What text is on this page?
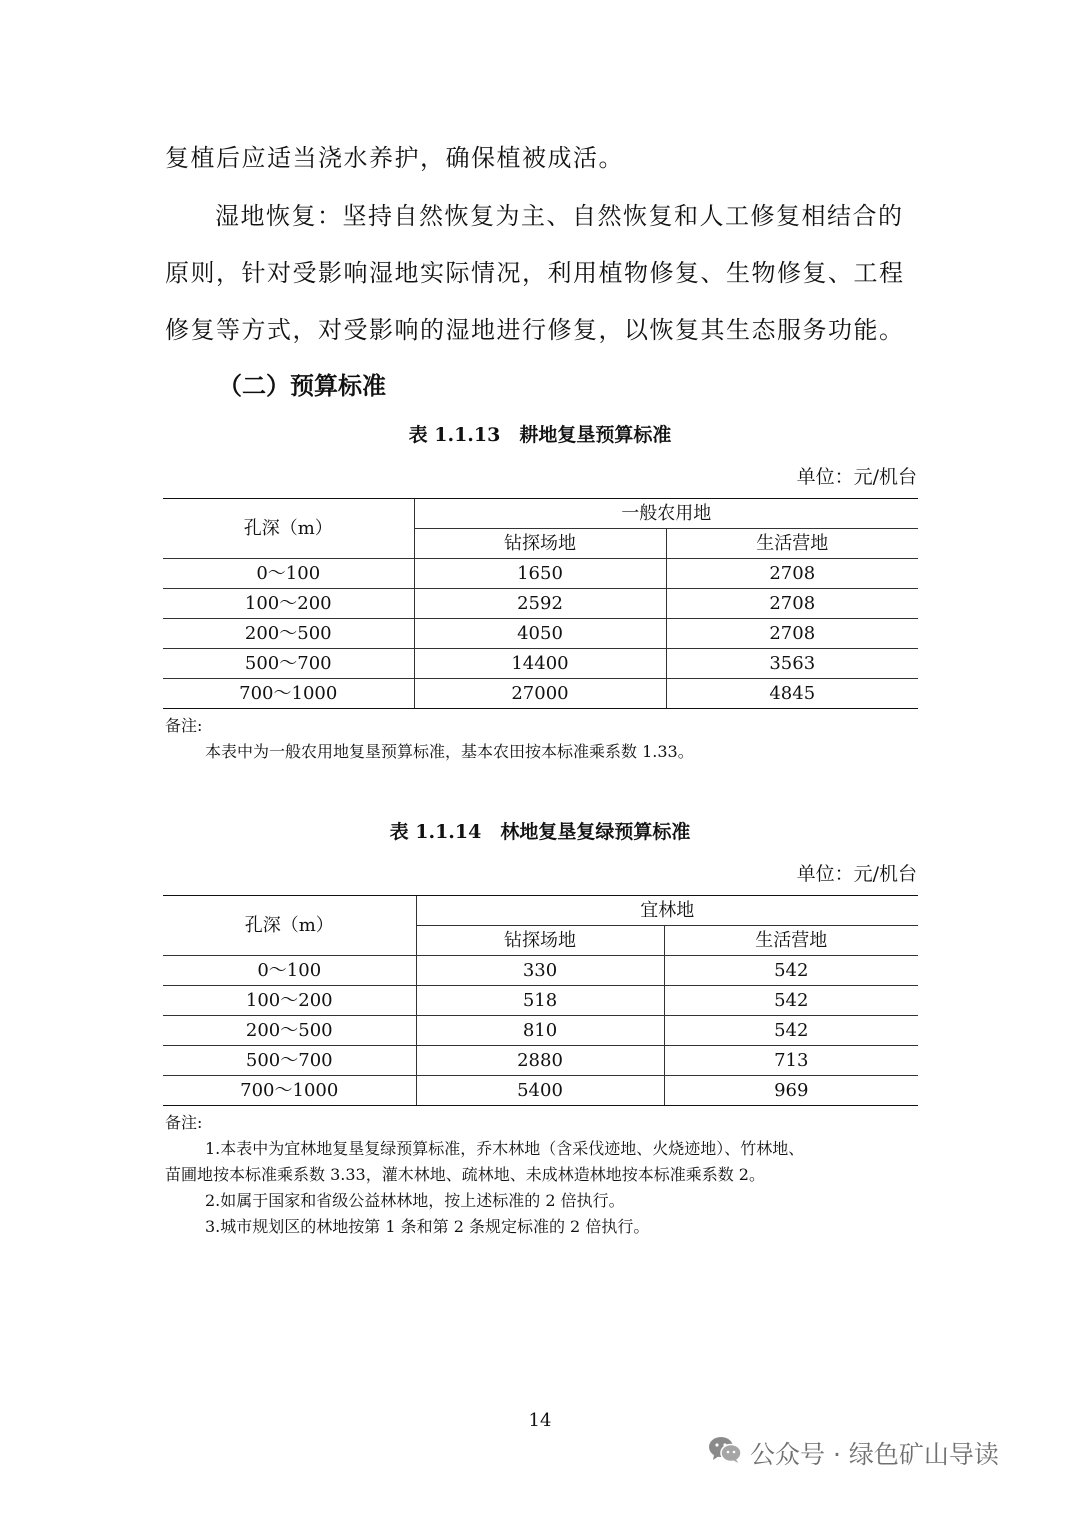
复植后应适当浇水养护，确保植被成活。

湿地恢复：坚持自然恢复为主、自然恢复和人工修复相结合的原则，针对受影响湿地实际情况，利用植物修复、生物修复、工程修复等方式，对受影响的湿地进行修复，以恢复其生态服务功能。

（二）预算标准
表 1.1.13　耕地复垦预算标准
单位：元/机台
孔深（m）	一般农用地	
	钻探场地	生活营地
0～100	1650	2708
100～200	2592	2708
200～500	4050	2708
500～700	14400	3563
700～1000	27000	4845
备注:
本表中为一般农用地复垦预算标准，基本农田按本标准乘系数 1.33。
表 1.1.14　林地复垦复绿预算标准
单位：元/机台
孔深（m）	宜林地	
	钻探场地	生活营地
0～100	330	542
100～200	518	542
200～500	810	542
500～700	2880	713
700～1000	5400	969
备注:
1.本表中为宜林地复垦复绿预算标准，乔木林地（含采伐迹地、火烧迹地）、竹林地、
苗圃地按本标准乘系数 3.33，灌木林地、疏林地、未成林造林地按本标准乘系数 2。
2.如属于国家和省级公益林林地，按上述标准的 2 倍执行。
3.城市规划区的林地按第 1 条和第 2 条规定标准的 2 倍执行。
14
公众号 · 绿色矿山导读
